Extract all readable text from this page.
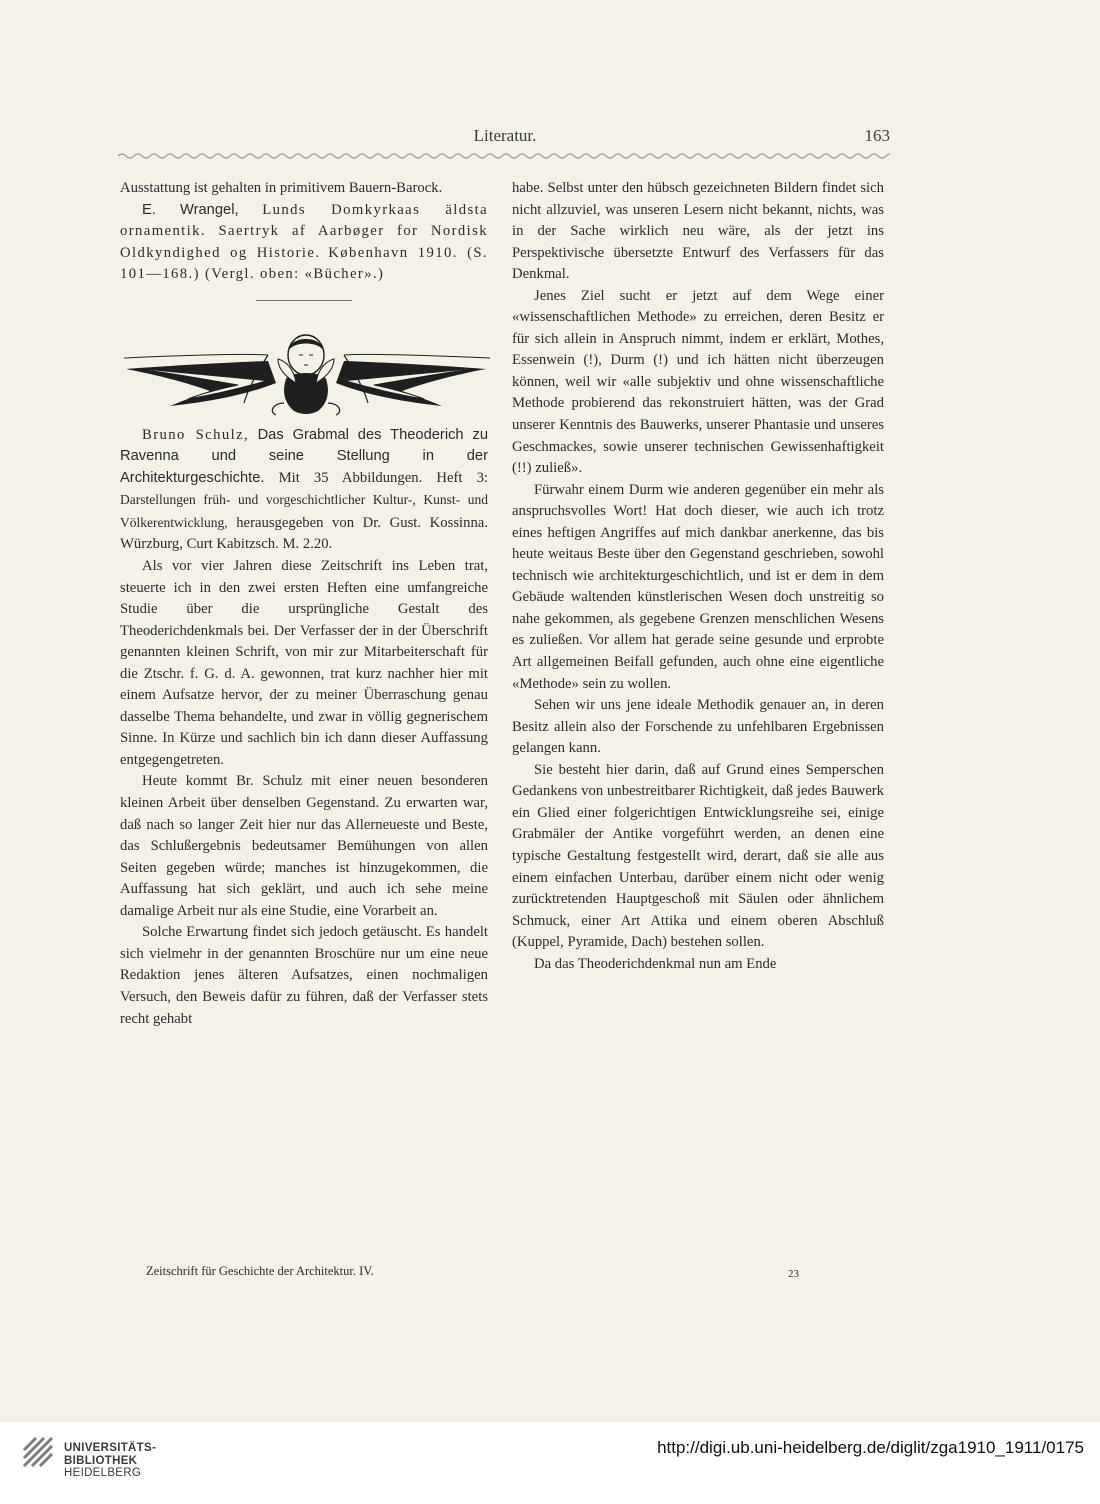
Literatur.	163

Ausstattung ist gehalten in primitivem Bauern-Barock.

E. Wrangel, Lunds Domkyrkaas äldsta ornamentik. Saertryk af Aarbøger for Nordisk Oldkyndighed og Historie. København 1910. (S. 101—168.) (Vergl. oben: «Bücher».)

Bruno Schulz, Das Grabmal des Theoderich zu Ravenna und seine Stellung in der Architekturgeschichte. Mit 35 Abbildungen. Heft 3: Darstellungen früh- und vorgeschichtlicher Kultur-, Kunst- und Völkerentwicklung, herausgegeben von Dr. Gust. Kossinna. Würzburg, Curt Kabitzsch. M. 2.20.

Als vor vier Jahren diese Zeitschrift ins Leben trat, steuerte ich in den zwei ersten Heften eine umfangreiche Studie über die ursprüngliche Gestalt des Theoderichdenkmals bei. Der Verfasser der in der Überschrift genannten kleinen Schrift, von mir zur Mitarbeiterschaft für die Ztschr. f. G. d. A. gewonnen, trat kurz nachher hier mit einem Aufsatze hervor, der zu meiner Überraschung genau dasselbe Thema behandelte, und zwar in völlig gegnerischem Sinne. In Kürze und sachlich bin ich dann dieser Auffassung entgegengetreten.

Heute kommt Br. Schulz mit einer neuen besonderen kleinen Arbeit über denselben Gegenstand. Zu erwarten war, daß nach so langer Zeit hier nur das Allerneueste und Beste, das Schlußergebnis bedeutsamer Bemühungen von allen Seiten gegeben würde; manches ist hinzugekommen, die Auffassung hat sich geklärt, und auch ich sehe meine damalige Arbeit nur als eine Studie, eine Vorarbeit an.

Solche Erwartung findet sich jedoch getäuscht. Es handelt sich vielmehr in der genannten Broschüre nur um eine neue Redaktion jenes älteren Aufsatzes, einen nochmaligen Versuch, den Beweis dafür zu führen, daß der Verfasser stets recht gehabt

habe. Selbst unter den hübsch gezeichneten Bildern findet sich nicht allzuviel, was unseren Lesern nicht bekannt, nichts, was in der Sache wirklich neu wäre, als der jetzt ins Perspektivische übersetzte Entwurf des Verfassers für das Denkmal.

Jenes Ziel sucht er jetzt auf dem Wege einer «wissenschaftlichen Methode» zu erreichen, deren Besitz er für sich allein in Anspruch nimmt, indem er erklärt, Mothes, Essenwein (!), Durm (!) und ich hätten nicht überzeugen können, weil wir «alle subjektiv und ohne wissenschaftliche Methode probierend das rekonstruiert hätten, was der Grad unserer Kenntnis des Bauwerks, unserer Phantasie und unseres Geschmackes, sowie unserer technischen Gewissenhaftigkeit (!!) zuließ».

Fürwahr einem Durm wie anderen gegenüber ein mehr als anspruchsvolles Wort! Hat doch dieser, wie auch ich trotz eines heftigen Angriffes auf mich dankbar anerkenne, das bis heute weitaus Beste über den Gegenstand geschrieben, sowohl technisch wie architekturgeschichtlich, und ist er dem in dem Gebäude waltenden künstlerischen Wesen doch unstreitig so nahe gekommen, als gegebene Grenzen menschlichen Wesens es zuließen. Vor allem hat gerade seine gesunde und erprobte Art allgemeinen Beifall gefunden, auch ohne eine eigentliche «Methode» sein zu wollen.

Sehen wir uns jene ideale Methodik genauer an, in deren Besitz allein also der Forschende zu unfehlbaren Ergebnissen gelangen kann.

Sie besteht hier darin, daß auf Grund eines Semperschen Gedankens von unbestreitbarer Richtigkeit, daß jedes Bauwerk ein Glied einer folgerichtigen Entwicklungsreihe sei, einige Grabmäler der Antike vorgeführt werden, an denen eine typische Gestaltung festgestellt wird, derart, daß sie alle aus einem einfachen Unterbau, darüber einem nicht oder wenig zurücktretenden Hauptgeschoß mit Säulen oder ähnlichem Schmuck, einer Art Attika und einem oberen Abschluß (Kuppel, Pyramide, Dach) bestehen sollen.

Da das Theoderichdenkmal nun am Ende

Zeitschrift für Geschichte der Architektur. IV.	23
UNIVERSITÄTS-
BIBLIOTHEK
HEIDELBERG
http://digi.ub.uni-heidelberg.de/diglit/zga1910_1911/0175
